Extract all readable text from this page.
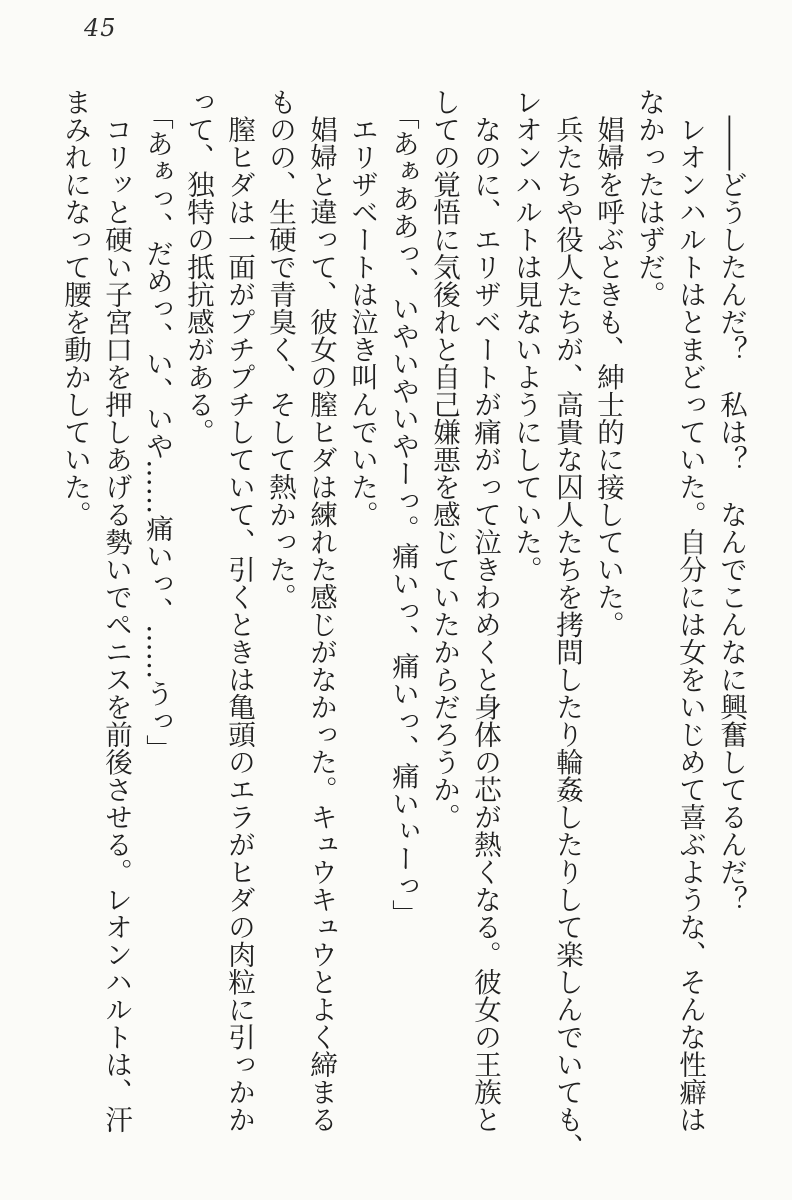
45
　――どうしたんだ？　私は？　なんでこんなに興奮してるんだ？
　レオンハルトはとまどっていた。自分には女をいじめて喜ぶような、そんな性癖は
なかったはずだ。
　娼婦を呼ぶときも、紳士的に接していた。
　兵たちや役人たちが、高貴な囚人たちを拷問したり輪姦したりして楽しんでいても、
レオンハルトは見ないようにしていた。
　なのに、エリザベートが痛がって泣きわめくと身体の芯が熱くなる。彼女の王族と
しての覚悟に気後れと自己嫌悪を感じていたからだろうか。
　「あぁああっ、いやいやいやーっ。痛いっ、痛いっ、痛いぃーっ」
　エリザベートは泣き叫んでいた。
　娼婦と違って、彼女の膣ヒダは練れた感じがなかった。キュウキュウとよく締まる
ものの、生硬で青臭く、そして熱かった。
　膣ヒダは一面がプチプチしていて、引くときは亀頭のエラがヒダの肉粒に引っかか
って、独特の抵抗感がある。
　「あぁっ、だめっ、い、いや……痛いっ、……うっ」
　コリッと硬い子宮口を押しあげる勢いでペニスを前後させる。レオンハルトは、汗
まみれになって腰を動かしていた。
